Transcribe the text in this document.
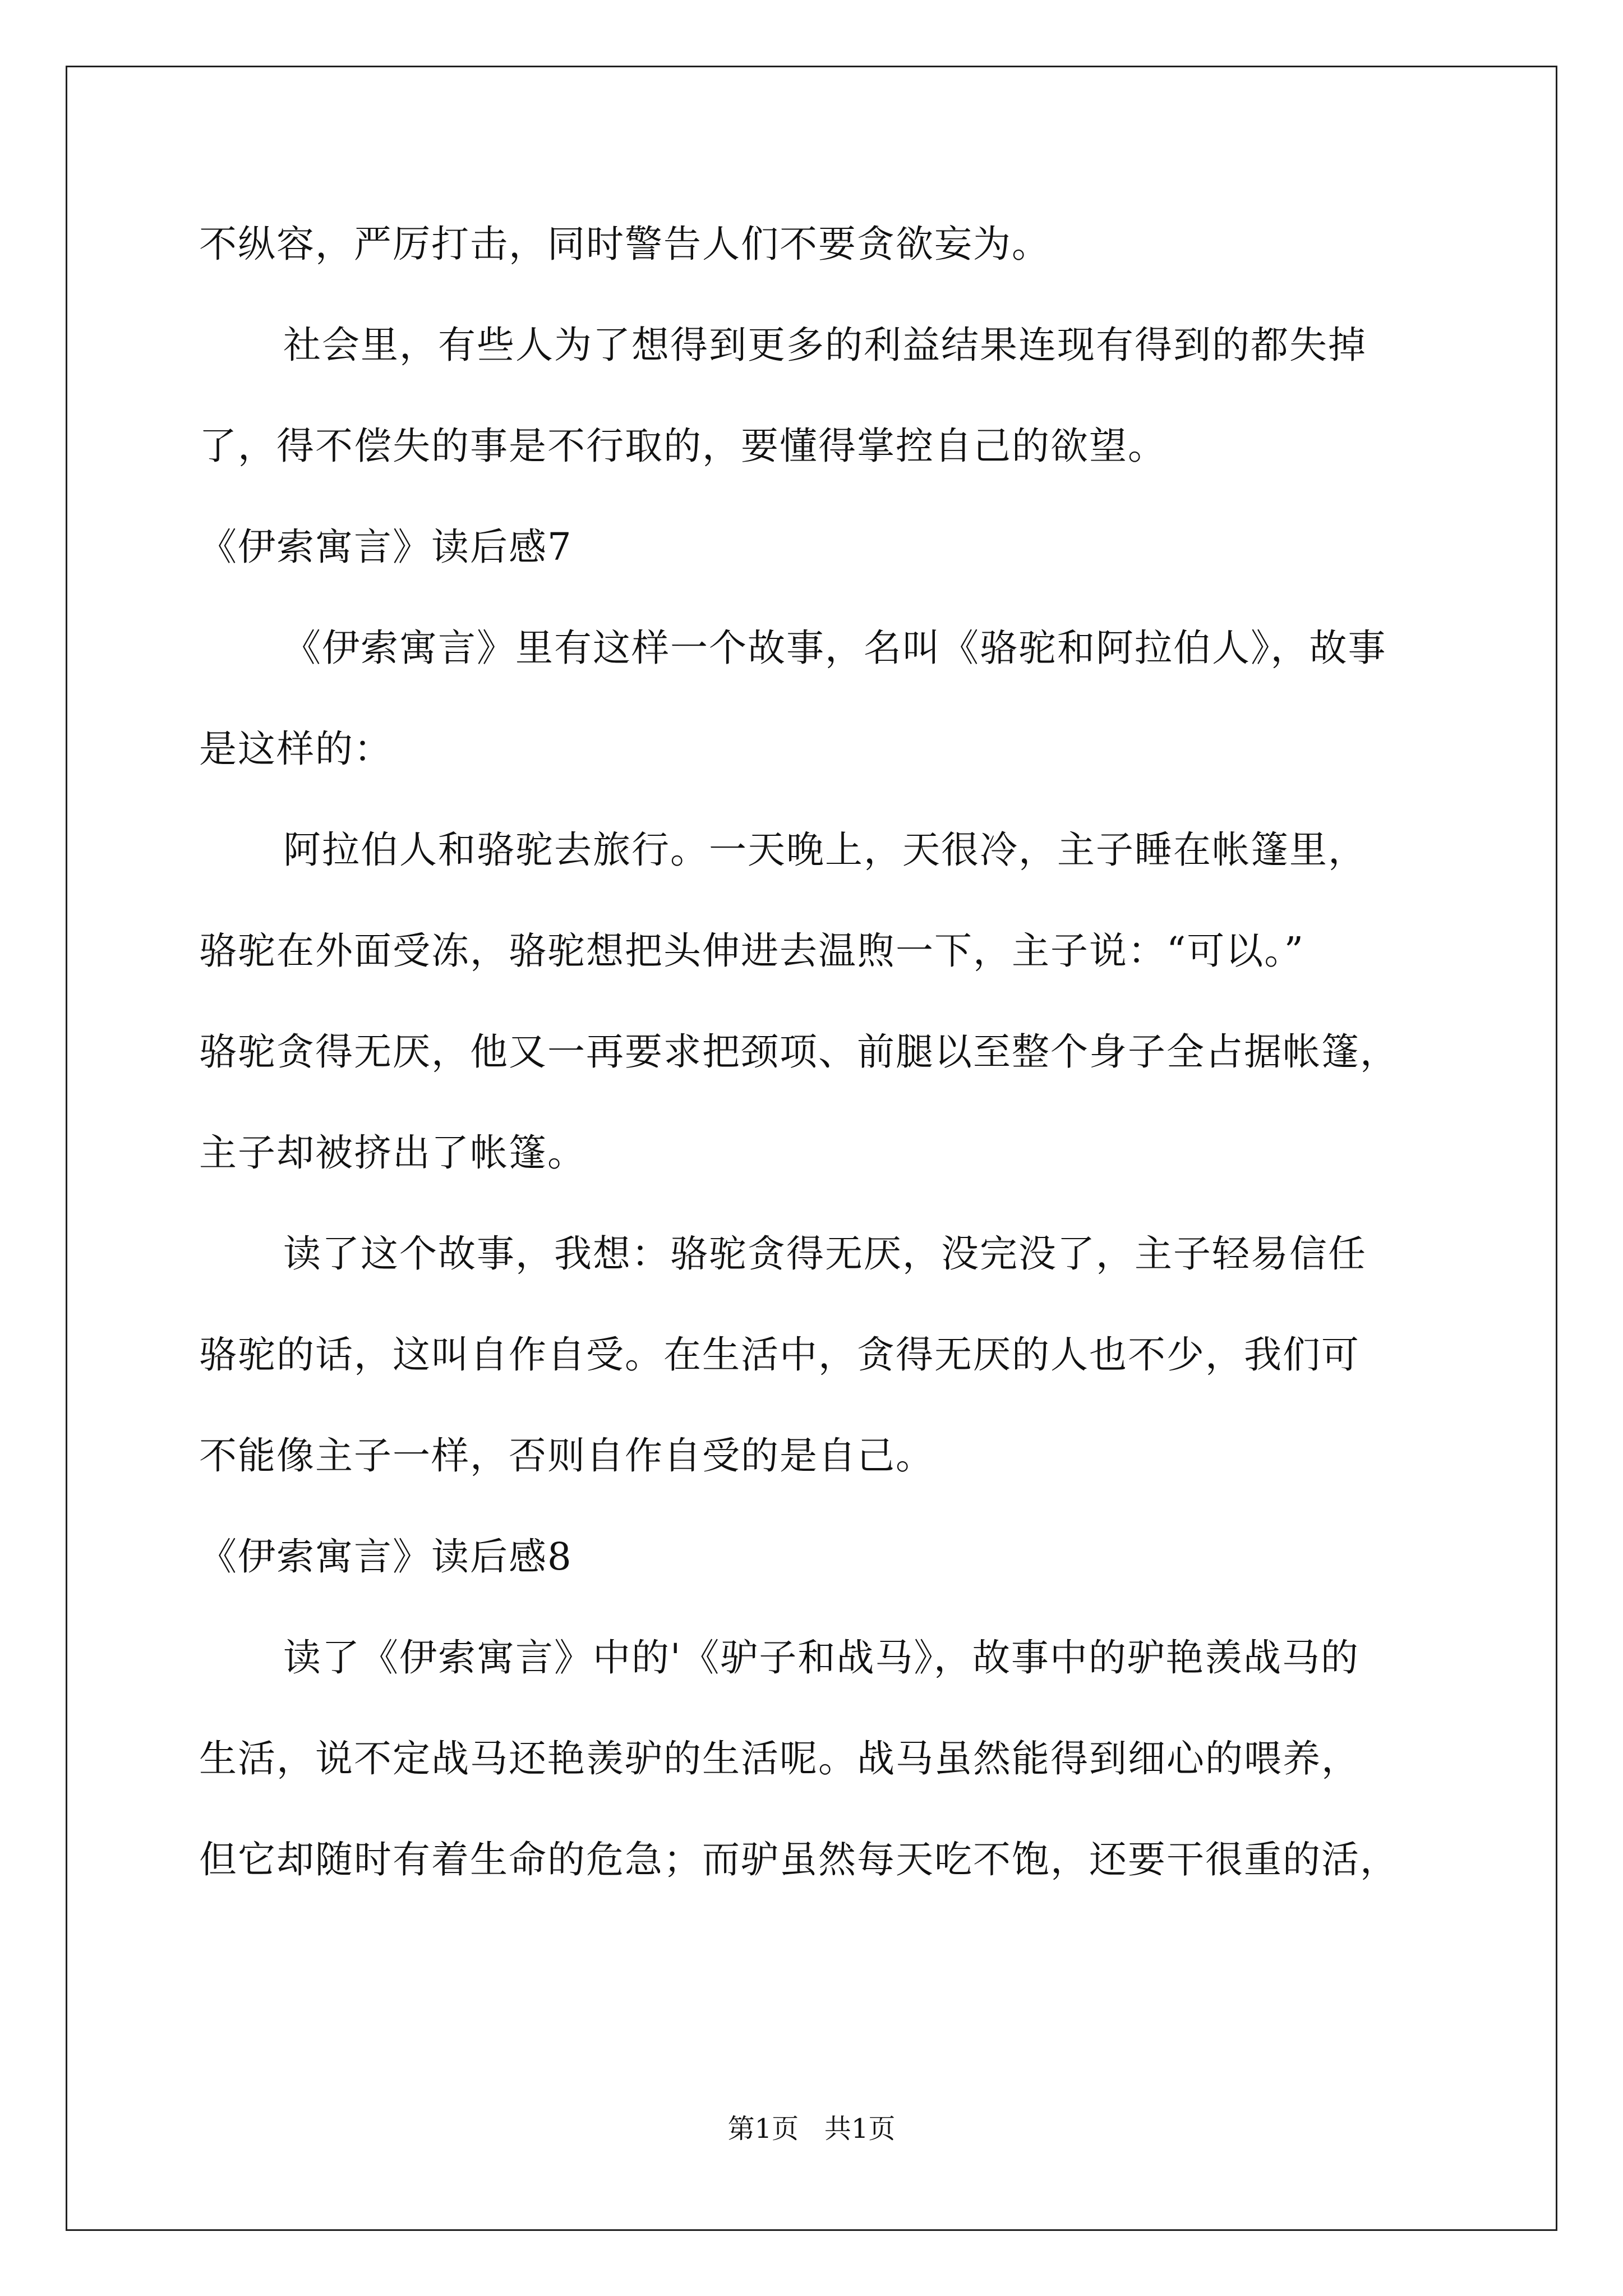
不纵容，严厉打击，同时警告人们不要贪欲妄为。
社会里，有些人为了想得到更多的利益结果连现有得到的都失掉
了，得不偿失的事是不行取的，要懂得掌控自己的欲望。
《伊索寓言》读后感7
《伊索寓言》里有这样一个故事，名叫《骆驼和阿拉伯人》，故事
是这样的：
阿拉伯人和骆驼去旅行。一天晚上，天很冷，主子睡在帐篷里，
骆驼在外面受冻，骆驼想把头伸进去温煦一下，主子说：“可以。”
骆驼贪得无厌，他又一再要求把颈项、前腿以至整个身子全占据帐篷，
主子却被挤出了帐篷。
读了这个故事，我想：骆驼贪得无厌，没完没了，主子轻易信任
骆驼的话，这叫自作自受。在生活中，贪得无厌的人也不少，我们可
不能像主子一样，否则自作自受的是自己。
《伊索寓言》读后感8
读了《伊索寓言》中的'《驴子和战马》，故事中的驴艳羡战马的
生活，说不定战马还艳羡驴的生活呢。战马虽然能得到细心的喂养，
但它却随时有着生命的危急；而驴虽然每天吃不饱，还要干很重的活，
第1页   共1页
